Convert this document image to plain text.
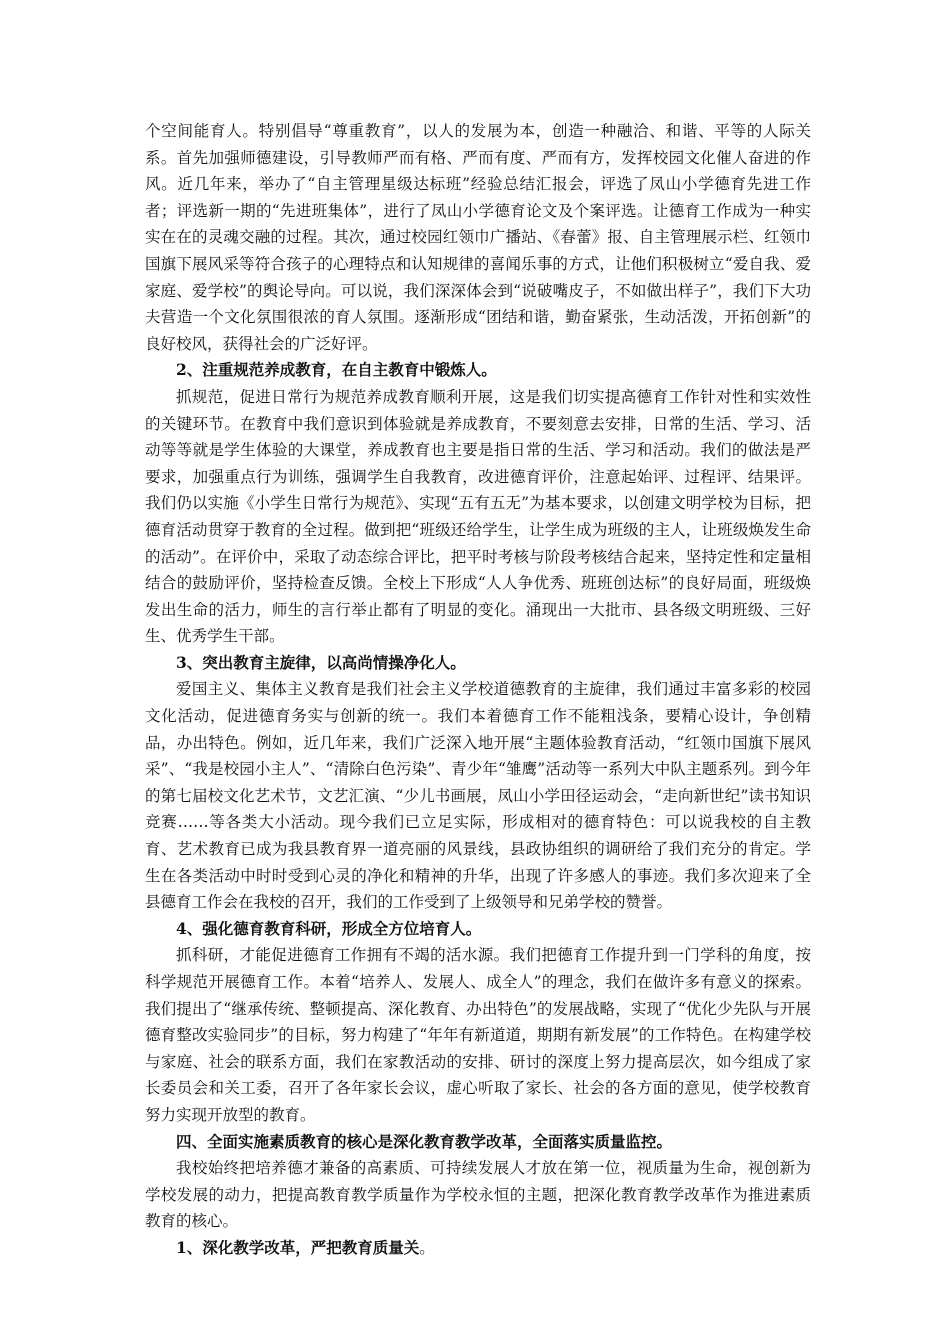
个空间能育人。特别倡导“尊重教育”，以人的发展为本，创造一种融洽、和谐、平等的人际关系。首先加强师德建设，引导教师严而有格、严而有度、严而有方，发挥校园文化催人奋进的作风。近几年来，举办了“自主管理星级达标班”经验总结汇报会，评选了凤山小学德育先进工作者；评选新一期的“先进班集体”，进行了凤山小学德育论文及个案评选。让德育工作成为一种实实在在的灵魂交融的过程。其次，通过校园红领巾广播站、《春蕾》报、自主管理展示栏、红领巾国旗下展风采等符合孩子的心理特点和认知规律的喜闻乐事的方式，让他们积极树立“爱自我、爱家庭、爱学校”的舆论导向。可以说，我们深深体会到“说破嘴皮子，不如做出样子”，我们下大功夫营造一个文化氛围很浓的育人氛围。逐渐形成“团结和谐，勤奋紧张，生动活泼，开拓创新”的良好校风，获得社会的广泛好评。

2、注重规范养成教育，在自主教育中锻炼人。

抓规范，促进日常行为规范养成教育顺利开展，这是我们切实提高德育工作针对性和实效性的关键环节。在教育中我们意识到体验就是养成教育，不要刻意去安排，日常的生活、学习、活动等等就是学生体验的大课堂，养成教育也主要是指日常的生活、学习和活动。我们的做法是严要求，加强重点行为训练，强调学生自我教育，改进德育评价，注意起始评、过程评、结果评。我们仍以实施《小学生日常行为规范》、实现“五有五无”为基本要求，以创建文明学校为目标，把德育活动贯穿于教育的全过程。做到把“班级还给学生，让学生成为班级的主人，让班级焕发生命的活动”。在评价中，采取了动态综合评比，把平时考核与阶段考核结合起来，坚持定性和定量相结合的鼓励评价，坚持检查反馈。全校上下形成“人人争优秀、班班创达标”的良好局面，班级焕发出生命的活力，师生的言行举止都有了明显的变化。涌现出一大批市、县各级文明班级、三好生、优秀学生干部。

3、突出教育主旋律，以高尚情操净化人。

爱国主义、集体主义教育是我们社会主义学校道德教育的主旋律，我们通过丰富多彩的校园文化活动，促进德育务实与创新的统一。我们本着德育工作不能粗浅条，要精心设计，争创精品，办出特色。例如，近几年来，我们广泛深入地开展“主题体验教育活动，“红领巾国旗下展风采”、“我是校园小主人”、“清除白色污染”、青少年“雏鹰”活动等一系列大中队主题系列。到今年的第七届校文化艺术节，文艺汇演、“少儿书画展，凤山小学田径运动会，“走向新世纪”读书知识竞赛……等各类大小活动。现今我们已立足实际，形成相对的德育特色：可以说我校的自主教育、艺术教育已成为我县教育界一道亮丽的风景线，县政协组织的调研给了我们充分的肯定。学生在各类活动中时时受到心灵的净化和精神的升华，出现了许多感人的事迹。我们多次迎来了全县德育工作会在我校的召开，我们的工作受到了上级领导和兄弟学校的赞誉。

4、强化德育教育科研，形成全方位培育人。

抓科研，才能促进德育工作拥有不竭的活水源。我们把德育工作提升到一门学科的角度，按科学规范开展德育工作。本着“培养人、发展人、成全人”的理念，我们在做许多有意义的探索。我们提出了“继承传统、整顿提高、深化教育、办出特色”的发展战略，实现了“优化少先队与开展德育整改实验同步”的目标，努力构建了“年年有新道道，期期有新发展”的工作特色。在构建学校与家庭、社会的联系方面，我们在家教活动的安排、研讨的深度上努力提高层次，如今组成了家长委员会和关工委，召开了各年家长会议，虚心听取了家长、社会的各方面的意见，使学校教育努力实现开放型的教育。

四、全面实施素质教育的核心是深化教育教学改革，全面落实质量监控。

我校始终把培养德才兼备的高素质、可持续发展人才放在第一位，视质量为生命，视创新为学校发展的动力，把提高教育教学质量作为学校永恒的主题，把深化教育教学改革作为推进素质教育的核心。

1、深化教学改革，严把教育质量关。
